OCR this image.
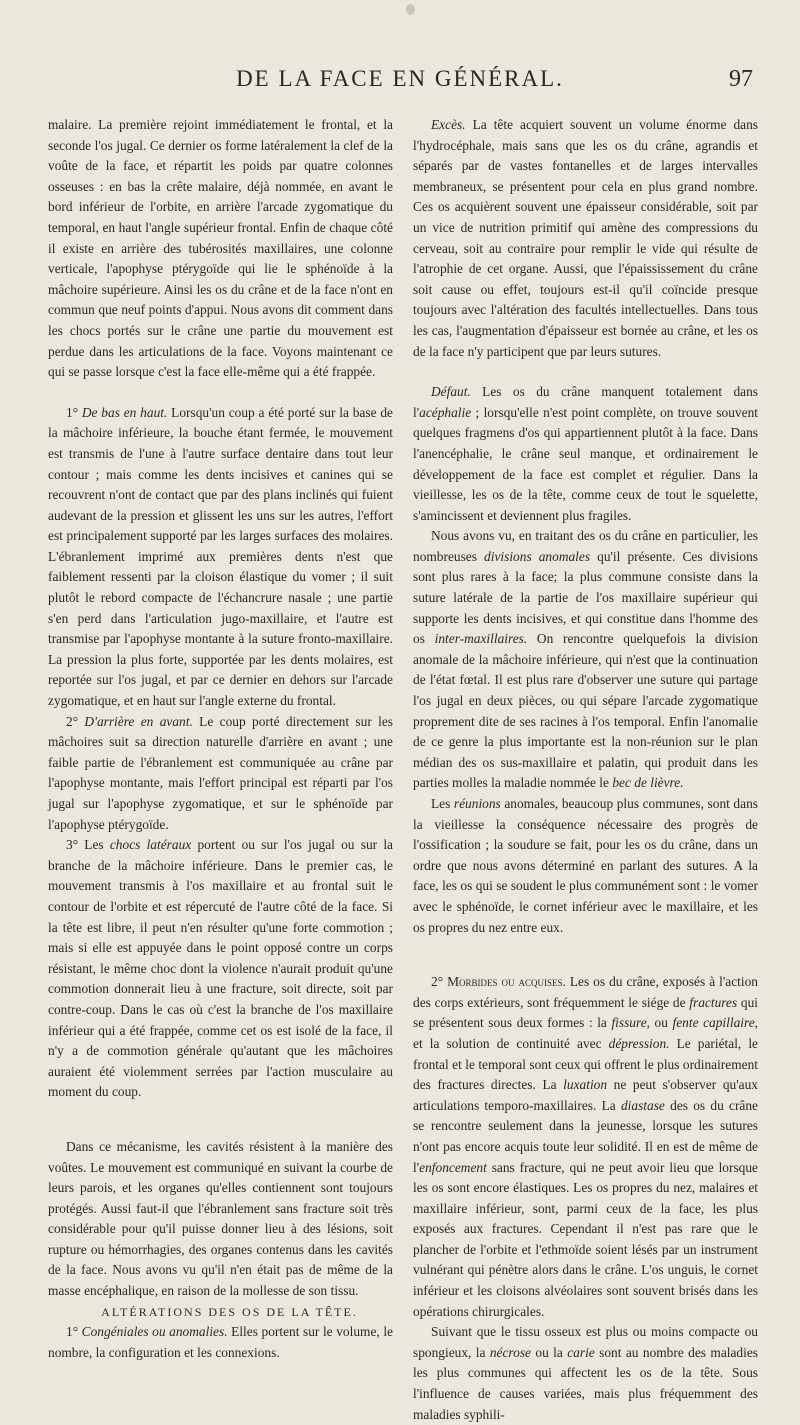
DE LA FACE EN GÉNÉRAL.	97

malaire. La première rejoint immédiatement le frontal, et la seconde l'os jugal. Ce dernier os forme latéralement la clef de la voûte de la face, et répartit les poids par quatre colonnes osseuses : en bas la crête malaire, déjà nommée, en avant le bord inférieur de l'orbite, en arrière l'arcade zygomatique du temporal, en haut l'angle supérieur frontal. Enfin de chaque côté il existe en arrière des tubérosités maxillaires, une colonne verticale, l'apophyse ptérygoïde qui lie le sphénoïde à la mâchoire supérieure. Ainsi les os du crâne et de la face n'ont en commun que neuf points d'appui. Nous avons dit comment dans les chocs portés sur le crâne une partie du mouvement est perdue dans les articulations de la face. Voyons maintenant ce qui se passe lorsque c'est la face elle-même qui a été frappée.

1° De bas en haut. Lorsqu'un coup a été porté sur la base de la mâchoire inférieure, la bouche étant fermée, le mouvement est transmis de l'une à l'autre surface dentaire dans tout leur contour ; mais comme les dents incisives et canines qui se recouvrent n'ont de contact que par des plans inclinés qui fuient audevant de la pression et glissent les uns sur les autres, l'effort est principalement supporté par les larges surfaces des molaires. L'ébranlement imprimé aux premières dents n'est que faiblement ressenti par la cloison élastique du vomer ; il suit plutôt le rebord compacte de l'échancrure nasale ; une partie s'en perd dans l'articulation jugo-maxillaire, et l'autre est transmise par l'apophyse montante à la suture fronto-maxillaire. La pression la plus forte, supportée par les dents molaires, est reportée sur l'os jugal, et par ce dernier en dehors sur l'arcade zygomatique, et en haut sur l'angle externe du frontal.

2° D'arrière en avant. Le coup porté directement sur les mâchoires suit sa direction naturelle d'arrière en avant ; une faible partie de l'ébranlement est communiquée au crâne par l'apophyse montante, mais l'effort principal est réparti par l'os jugal sur l'apophyse zygomatique, et sur le sphénoïde par l'apophyse ptérygoïde.

3° Les chocs latéraux portent ou sur l'os jugal ou sur la branche de la mâchoire inférieure. Dans le premier cas, le mouvement transmis à l'os maxillaire et au frontal suit le contour de l'orbite et est répercuté de l'autre côté de la face. Si la tête est libre, il peut n'en résulter qu'une forte commotion ; mais si elle est appuyée dans le point opposé contre un corps résistant, le même choc dont la violence n'aurait produit qu'une commotion donnerait lieu à une fracture, soit directe, soit par contre-coup. Dans le cas où c'est la branche de l'os maxillaire inférieur qui a été frappée, comme cet os est isolé de la face, il n'y a de commotion générale qu'autant que les mâchoires auraient été violemment serrées par l'action musculaire au moment du coup.

Dans ce mécanisme, les cavités résistent à la manière des voûtes. Le mouvement est communiqué en suivant la courbe de leurs parois, et les organes qu'elles contiennent sont toujours protégés. Aussi faut-il que l'ébranlement sans fracture soit très considérable pour qu'il puisse donner lieu à des lésions, soit rupture ou hémorrhagies, des organes contenus dans les cavités de la face. Nous avons vu qu'il n'en était pas de même de la masse encéphalique, en raison de la mollesse de son tissu.

ALTÉRATIONS DES OS DE LA TÊTE.

1° Congéniales ou anomalies. Elles portent sur le volume, le nombre, la configuration et les connexions.

Excès. La tête acquiert souvent un volume énorme dans l'hydrocéphale, mais sans que les os du crâne, agrandis et séparés par de vastes fontanelles et de larges intervalles membraneux, se présentent pour cela en plus grand nombre. Ces os acquièrent souvent une épaisseur considérable, soit par un vice de nutrition primitif qui amène des compressions du cerveau, soit au contraire pour remplir le vide qui résulte de l'atrophie de cet organe. Aussi, que l'épaississement du crâne soit cause ou effet, toujours est-il qu'il coïncide presque toujours avec l'altération des facultés intellectuelles. Dans tous les cas, l'augmentation d'épaisseur est bornée au crâne, et les os de la face n'y participent que par leurs sutures.

Défaut. Les os du crâne manquent totalement dans l'acéphalie ; lorsqu'elle n'est point complète, on trouve souvent quelques fragmens d'os qui appartiennent plutôt à la face. Dans l'anencéphalie, le crâne seul manque, et ordinairement le développement de la face est complet et régulier. Dans la vieillesse, les os de la tête, comme ceux de tout le squelette, s'amincissent et deviennent plus fragiles.

Nous avons vu, en traitant des os du crâne en particulier, les nombreuses divisions anomales qu'il présente. Ces divisions sont plus rares à la face; la plus commune consiste dans la suture latérale de la partie de l'os maxillaire supérieur qui supporte les dents incisives, et qui constitue dans l'homme des os inter-maxillaires. On rencontre quelquefois la division anomale de la mâchoire inférieure, qui n'est que la continuation de l'état fœtal. Il est plus rare d'observer une suture qui partage l'os jugal en deux pièces, ou qui sépare l'arcade zygomatique proprement dite de ses racines à l'os temporal. Enfin l'anomalie de ce genre la plus importante est la non-réunion sur le plan médian des os sus-maxillaire et palatin, qui produit dans les parties molles la maladie nommée le bec de lièvre.

Les réunions anomales, beaucoup plus communes, sont dans la vieillesse la conséquence nécessaire des progrès de l'ossification ; la soudure se fait, pour les os du crâne, dans un ordre que nous avons déterminé en parlant des sutures. A la face, les os qui se soudent le plus communément sont : le vomer avec le sphénoïde, le cornet inférieur avec le maxillaire, et les os propres du nez entre eux.

2° Morbides ou acquises. Les os du crâne, exposés à l'action des corps extérieurs, sont fréquemment le siége de fractures qui se présentent sous deux formes : la fissure, ou fente capillaire, et la solution de continuité avec dépression. Le pariétal, le frontal et le temporal sont ceux qui offrent le plus ordinairement des fractures directes. La luxation ne peut s'observer qu'aux articulations temporo-maxillaires. La diastase des os du crâne se rencontre seulement dans la jeunesse, lorsque les sutures n'ont pas encore acquis toute leur solidité. Il en est de même de l'enfoncement sans fracture, qui ne peut avoir lieu que lorsque les os sont encore élastiques. Les os propres du nez, malaires et maxillaire inférieur, sont, parmi ceux de la face, les plus exposés aux fractures. Cependant il n'est pas rare que le plancher de l'orbite et l'ethmoïde soient lésés par un instrument vulnérant qui pénètre alors dans le crâne. L'os unguis, le cornet inférieur et les cloisons alvéolaires sont souvent brisés dans les opérations chirurgicales.

Suivant que le tissu osseux est plus ou moins compacte ou spongieux, la nécrose ou la carie sont au nombre des maladies les plus communes qui affectent les os de la tête. Sous l'influence de causes variées, mais plus fréquemment des maladies syphili-
